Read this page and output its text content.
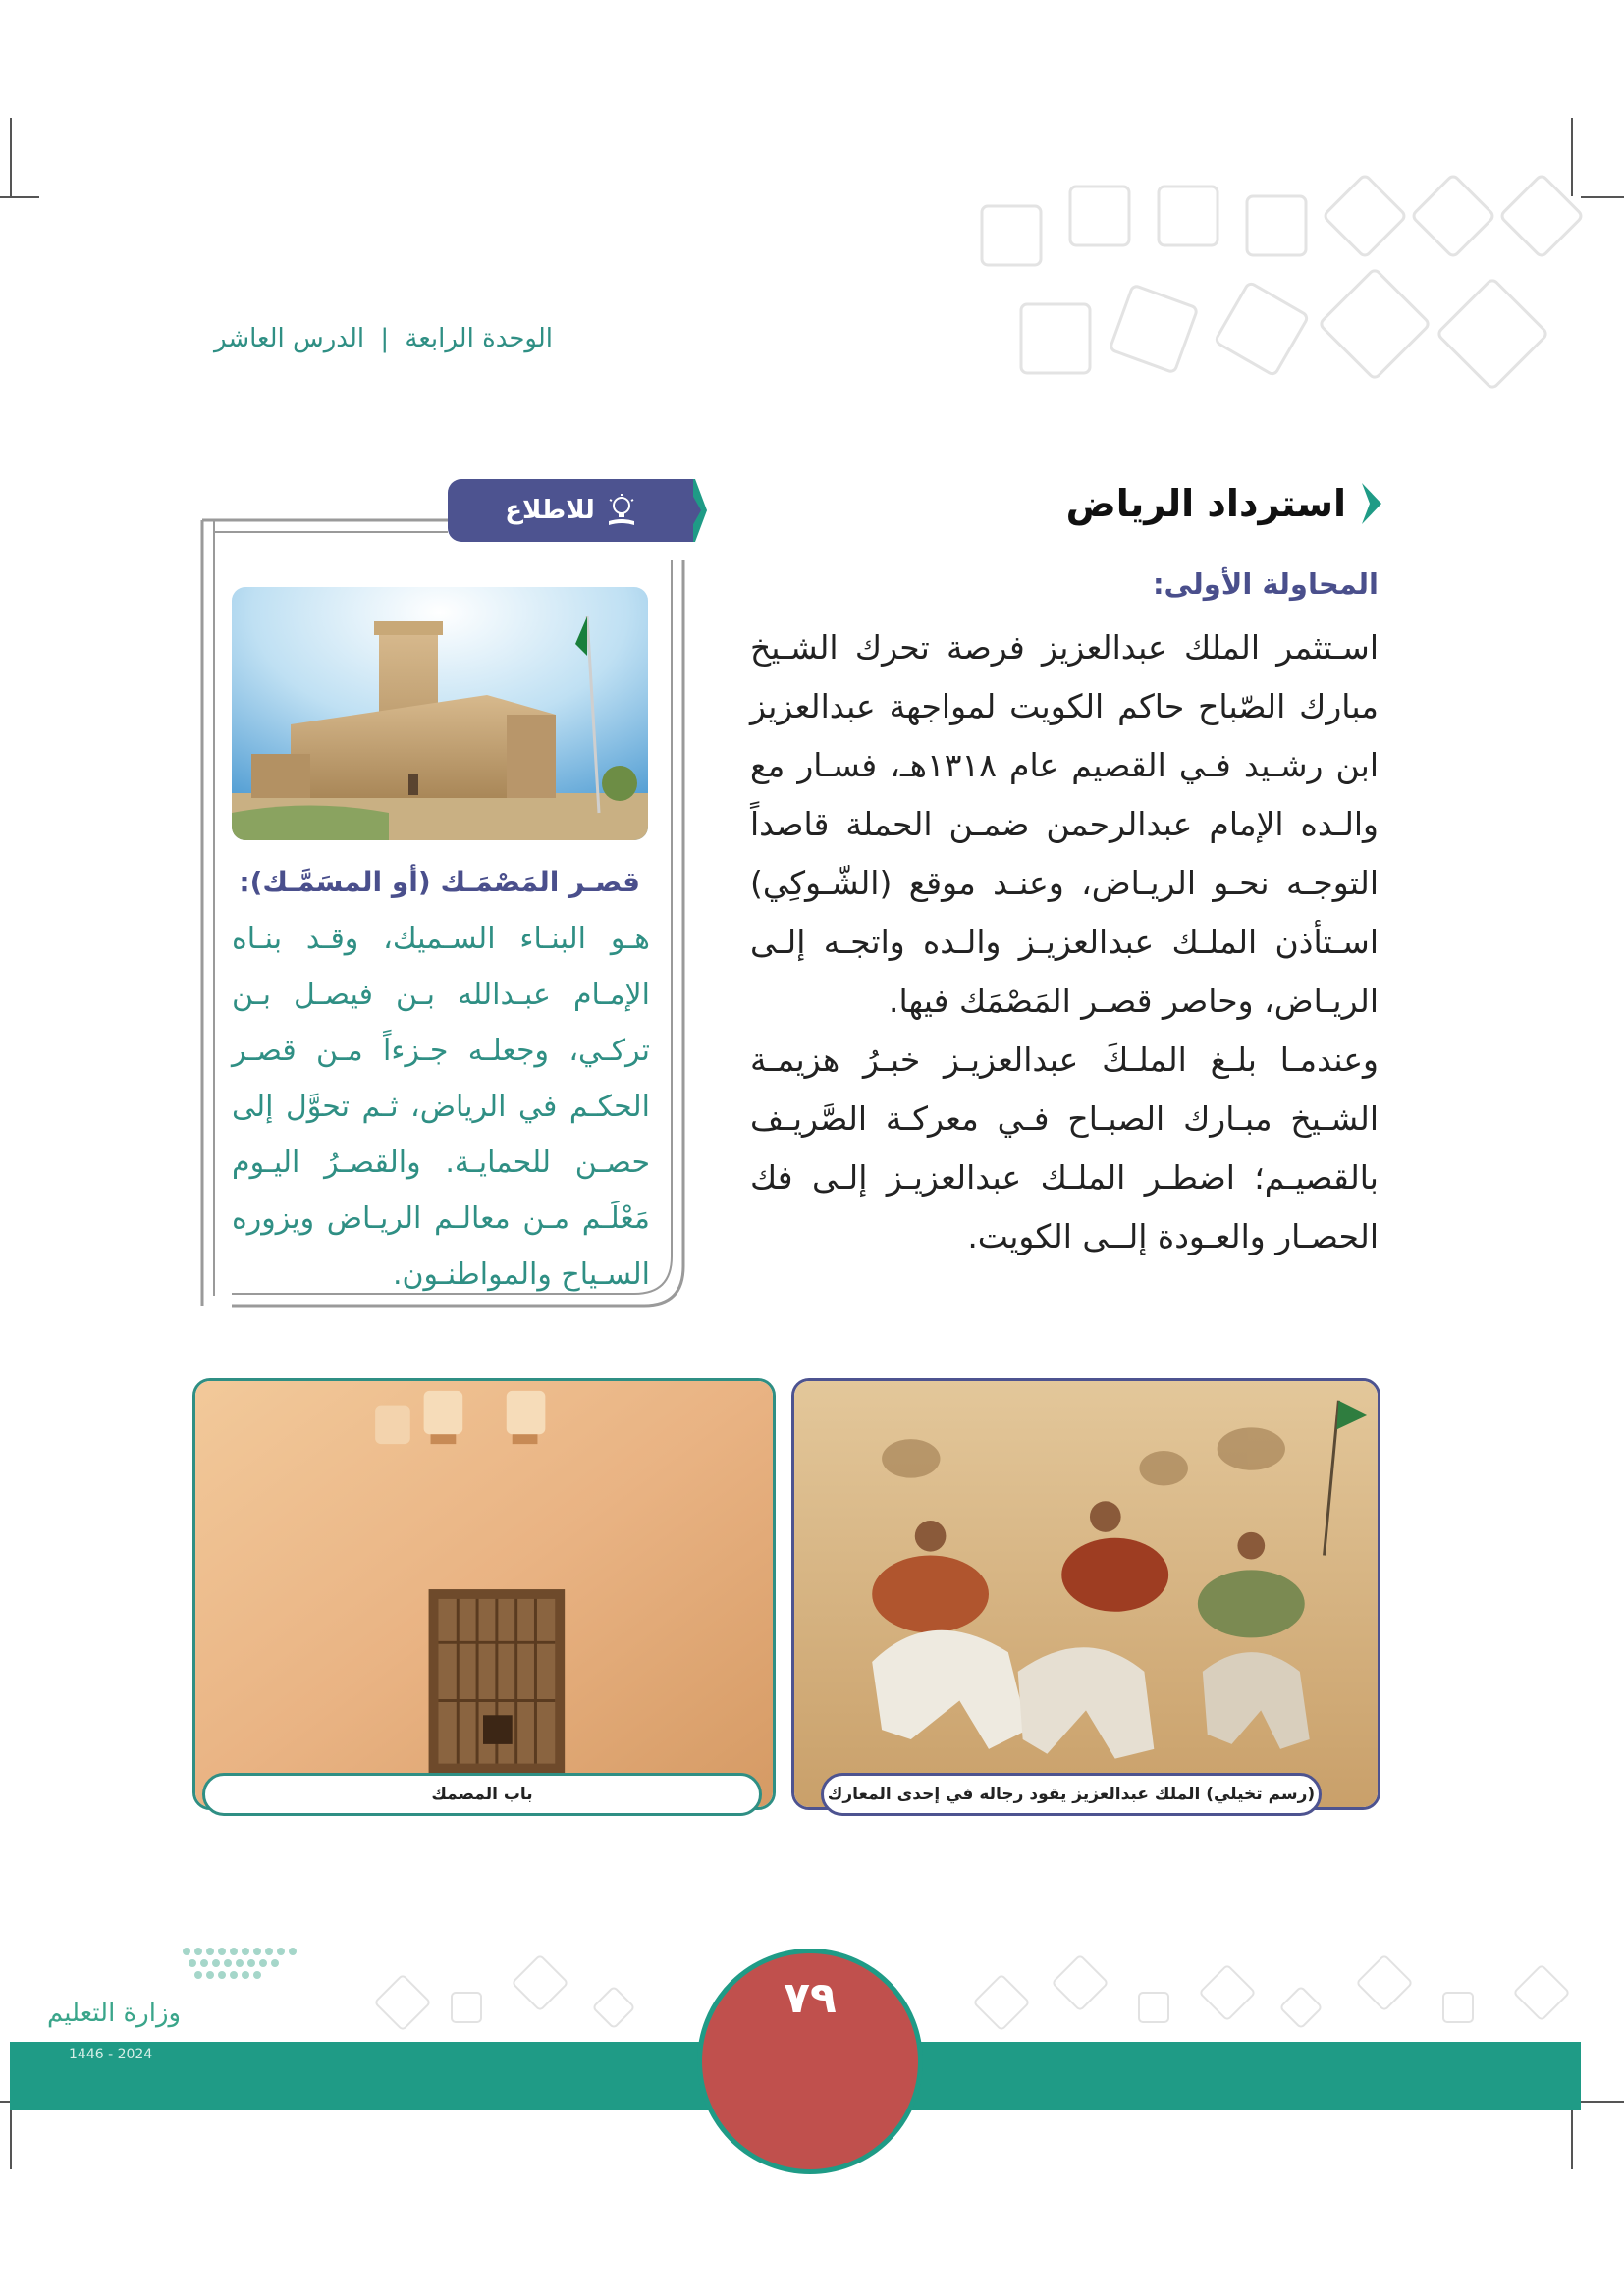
الوحدة الرابعة | الدرس العاشر
استرداد الرياض
المحاولة الأولى:

اسـتثمر الملك عبدالعزيز فرصة تحرك الشـيخ مبارك الصّباح حاكم الكويت لمواجهة عبدالعزيز ابن رشـيد فـي القصيم عام ١٣١٨هـ، فسـار مع والـده الإمام عبدالرحمن ضمـن الحملة قاصداً التوجـه نحـو الريـاض، وعنـد موقع (الشّـوكِي) اسـتأذن الملـك عبدالعزيـز والـده واتجـه إلـى الريـاض، وحاصر قصـر المَصْمَك فيها.

وعندمـا بلـغ الملـكَ عبدالعزيـز خبـرُ هزيمـة الشـيخ مبـارك الصبـاح فـي معركـة الصَّريـف بالقصيـم؛ اضطـر الملـك عبدالعزيـز إلـى فك الحصـار والعـودة إلــى الكويت.

للاطلاع
قصـر المَصْمَـك (أو المسَمَّـك):
هـو البنـاء السـميك، وقـد بنـاه الإمـام عبـدالله بـن فيصـل بـن تركـي، وجعلـه جـزءاً مـن قصـر الحكـم في الرياض، ثـم تحوَّل إلى حصـن للحمايـة. والقصـرُ اليـوم مَعْلَـم مـن معالـم الريـاض ويزوره السـياح والمواطنـون.
باب المصمك	(رسم تخيلي) الملك عبدالعزيز يقود رجاله في إحدى المعارك
وزارة التعليم
2024 - 1446
٧٩
